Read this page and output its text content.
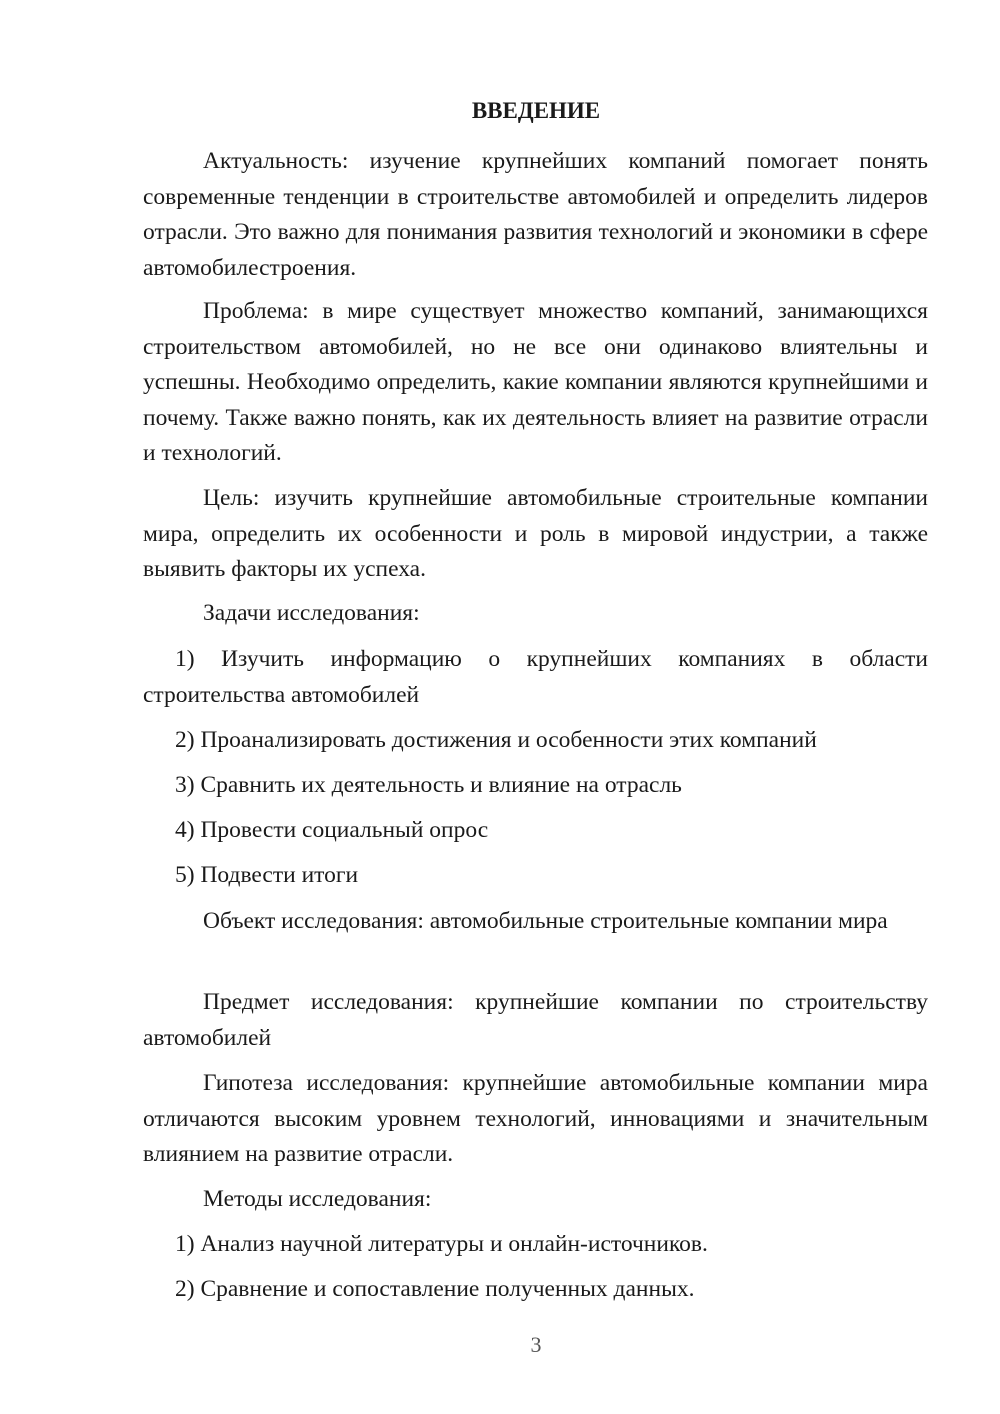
ВВЕДЕНИЕ

Актуальность: изучение крупнейших компаний помогает понять современные тенденции в строительстве автомобилей и определить лидеров отрасли. Это важно для понимания развития технологий и экономики в сфере автомобилестроения.

Проблема: в мире существует множество компаний, занимающихся строительством автомобилей, но не все они одинаково влиятельны и успешны. Необходимо определить, какие компании являются крупнейшими и почему. Также важно понять, как их деятельность влияет на развитие отрасли и технологий.

Цель: изучить крупнейшие автомобильные строительные компании мира, определить их особенности и роль в мировой индустрии, а также выявить факторы их успеха.

Задачи исследования:

1) Изучить информацию о крупнейших компаниях в области строительства автомобилей

2) Проанализировать достижения и особенности этих компаний

3) Сравнить их деятельность и влияние на отрасль

4) Провести социальный опрос

5) Подвести итоги

Объект исследования: автомобильные строительные компании мира

Предмет исследования: крупнейшие компании по строительству автомобилей

Гипотеза исследования: крупнейшие автомобильные компании мира отличаются высоким уровнем технологий, инновациями и значительным влиянием на развитие отрасли.

Методы исследования:

1) Анализ научной литературы и онлайн-источников.

2) Сравнение и сопоставление полученных данных.

3
